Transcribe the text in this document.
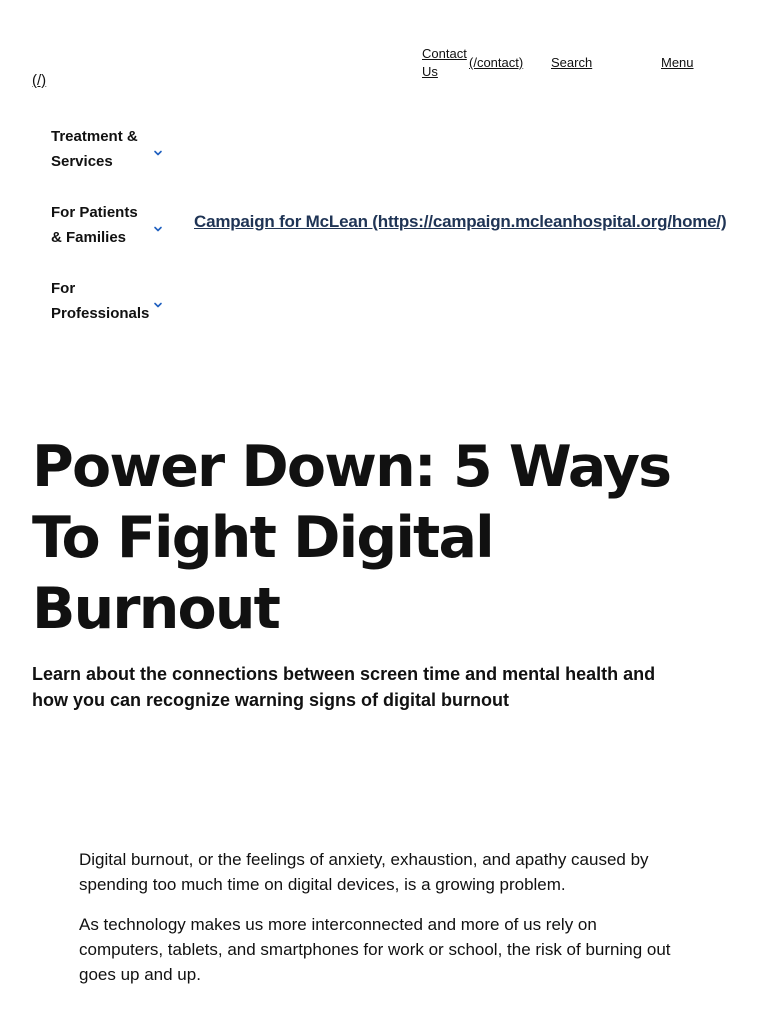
(/)
Contact Us
(/contact) Search	Menu
Treatment & Services
For Patients & Families
For Professionals
Campaign for McLean (https://campaign.mcleanhospital.org/home/)
Power Down: 5 Ways To Fight Digital Burnout

Learn about the connections between screen time and mental health and how you can recognize warning signs of digital burnout

Digital burnout, or the feelings of anxiety, exhaustion, and apathy caused by spending too much time on digital devices, is a growing problem.

As technology makes us more interconnected and more of us rely on computers, tablets, and smartphones for work or school, the risk of burning out goes up and up.
